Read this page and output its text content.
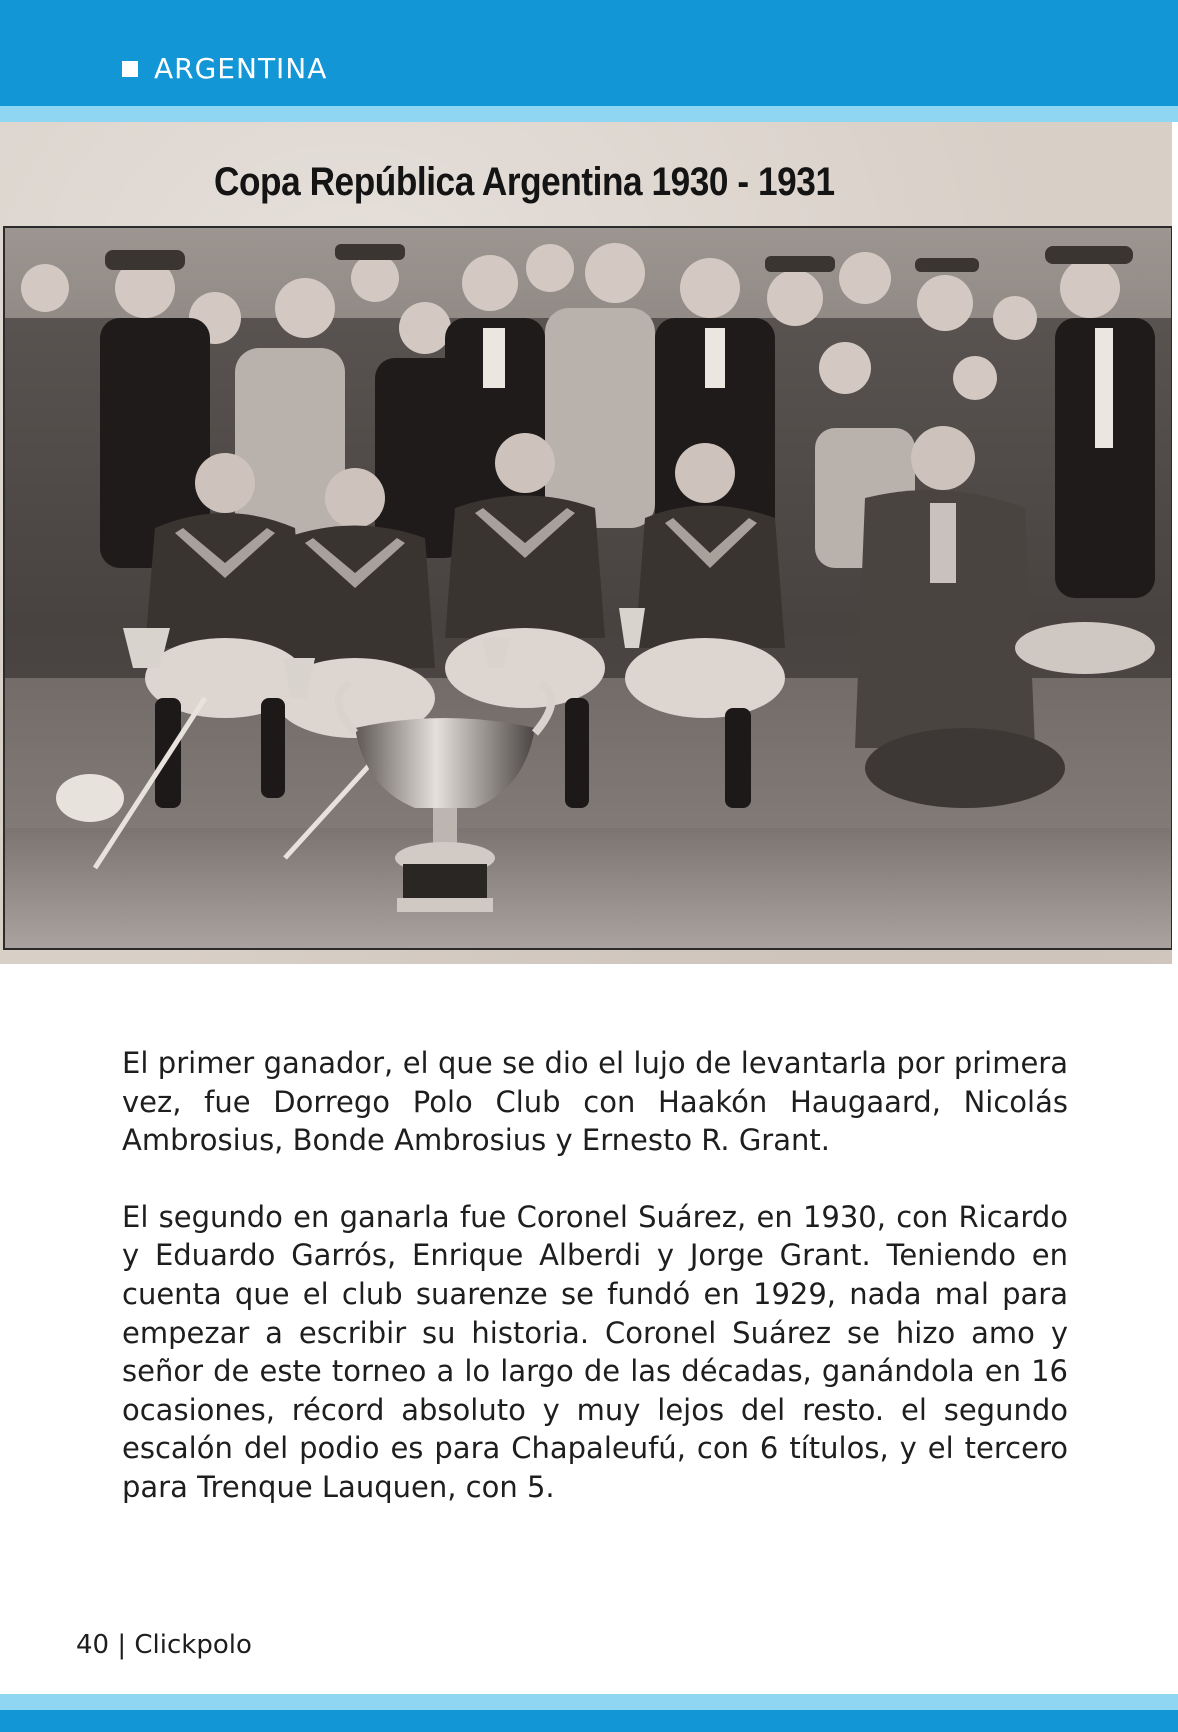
ARGENTINA
Copa República Argentina 1930 - 1931

El primer ganador, el que se dio el lujo de levantarla por primera vez, fue Dorrego Polo Club con Haakón Haugaard, Nicolás Ambrosius, Bonde Ambrosius y Ernesto R. Grant.

El segundo en ganarla fue Coronel Suárez, en 1930, con Ricardo y Eduardo Garrós, Enrique Alberdi y Jorge Grant. Teniendo en cuenta que el club suarenze se fundó en 1929, nada mal para empezar a escribir su historia. Coronel Suárez se hizo amo y señor de este torneo a lo largo de las décadas, ganándola en 16 ocasiones, récord absoluto y muy lejos del resto. el segundo escalón del podio es para Chapaleufú, con 6 títulos, y el tercero para Trenque Lauquen, con 5.

40 | Clickpolo
